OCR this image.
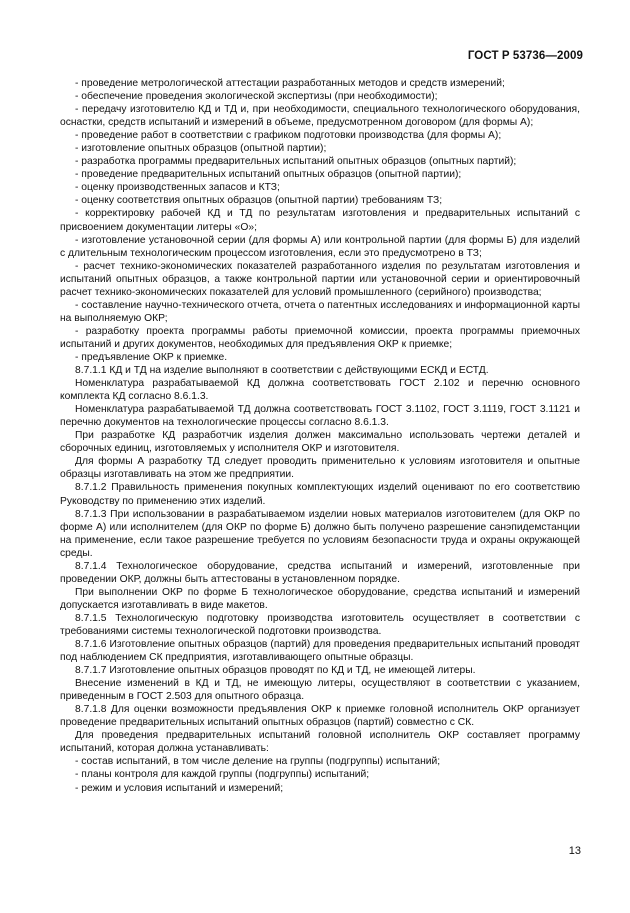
ГОСТ Р 53736—2009

- проведение метрологической аттестации разработанных методов и средств измерений;

- обеспечение проведения экологической экспертизы (при необходимости);

- передачу изготовителю КД и ТД и, при необходимости, специального технологического оборудования, оснастки, средств испытаний и измерений в объеме, предусмотренном договором (для формы А);

- проведение работ в соответствии с графиком подготовки производства (для формы А);

- изготовление опытных образцов (опытной партии);

- разработка программы предварительных испытаний опытных образцов (опытных партий);

- проведение предварительных испытаний опытных образцов (опытной партии);

- оценку производственных запасов и КТЗ;

- оценку соответствия опытных образцов (опытной партии) требованиям ТЗ;

- корректировку рабочей КД и ТД по результатам изготовления и предварительных испытаний с присвоением документации литеры «О»;

- изготовление установочной серии (для формы А) или контрольной партии (для формы Б) для изделий с длительным технологическим процессом изготовления, если это предусмотрено в ТЗ;

- расчет технико-экономических показателей разработанного изделия по результатам изготовления и испытаний опытных образцов, а также контрольной партии или установочной серии и ориентировочный расчет технико-экономических показателей для условий промышленного (серийного) производства;

- составление научно-технического отчета, отчета о патентных исследованиях и информационной карты на выполняемую ОКР;

- разработку проекта программы работы приемочной комиссии, проекта программы приемочных испытаний и других документов, необходимых для предъявления ОКР к приемке;

- предъявление ОКР к приемке.

8.7.1.1 КД и ТД на изделие выполняют в соответствии с действующими ЕСКД и ЕСТД.

Номенклатура разрабатываемой КД должна соответствовать ГОСТ 2.102 и перечню основного комплекта КД согласно 8.6.1.3.

Номенклатура разрабатываемой ТД должна соответствовать ГОСТ 3.1102, ГОСТ 3.1119, ГОСТ 3.1121 и перечню документов на технологические процессы согласно 8.6.1.3.

При разработке КД разработчик изделия должен максимально использовать чертежи деталей и сборочных единиц, изготовляемых у исполнителя ОКР и изготовителя.

Для формы А разработку ТД следует проводить применительно к условиям изготовителя и опытные образцы изготавливать на этом же предприятии.

8.7.1.2 Правильность применения покупных комплектующих изделий оценивают по его соответствию Руководству по применению этих изделий.

8.7.1.3 При использовании в разрабатываемом изделии новых материалов изготовителем (для ОКР по форме А) или исполнителем (для ОКР по форме Б) должно быть получено разрешение санэпидемстанции на применение, если такое разрешение требуется по условиям безопасности труда и охраны окружающей среды.

8.7.1.4 Технологическое оборудование, средства испытаний и измерений, изготовленные при проведении ОКР, должны быть аттестованы в установленном порядке.

При выполнении ОКР по форме Б технологическое оборудование, средства испытаний и измерений допускается изготавливать в виде макетов.

8.7.1.5 Технологическую подготовку производства изготовитель осуществляет в соответствии с требованиями системы технологической подготовки производства.

8.7.1.6 Изготовление опытных образцов (партий) для проведения предварительных испытаний проводят под наблюдением СК предприятия, изготавливающего опытные образцы.

8.7.1.7 Изготовление опытных образцов проводят по КД и ТД, не имеющей литеры.

Внесение изменений в КД и ТД, не имеющую литеры, осуществляют в соответствии с указанием, приведенным в ГОСТ 2.503 для опытного образца.

8.7.1.8 Для оценки возможности предъявления ОКР к приемке головной исполнитель ОКР организует проведение предварительных испытаний опытных образцов (партий) совместно с СК.

Для проведения предварительных испытаний головной исполнитель ОКР составляет программу испытаний, которая должна устанавливать:

- состав испытаний, в том числе деление на группы (подгруппы) испытаний;

- планы контроля для каждой группы (подгруппы) испытаний;

- режим и условия испытаний и измерений;

13
